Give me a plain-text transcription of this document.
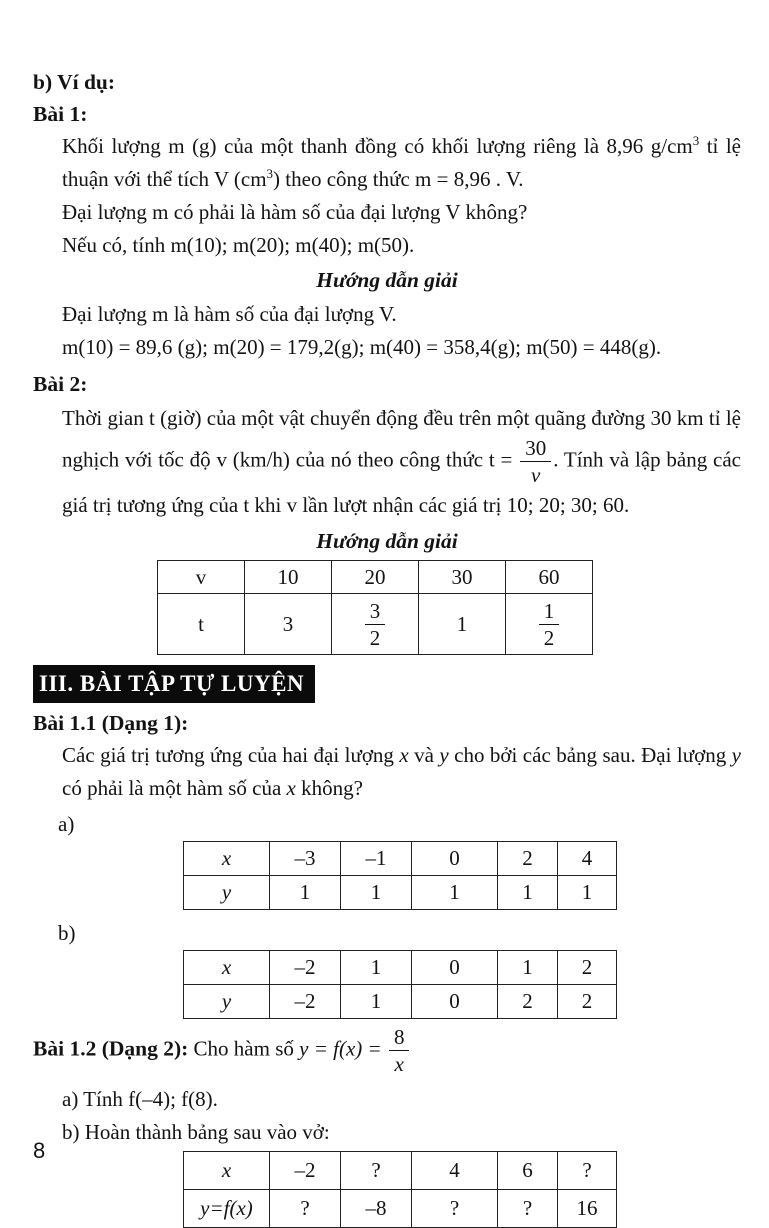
b) Ví dụ:

Bài 1:

Khối lượng m (g) của một thanh đồng có khối lượng riêng là 8,96 $g/cm^3$ tỉ lệ thuận với thể tích V $(cm^3)$ theo công thức m = 8,96 . V.

Đại lượng m có phải là hàm số của đại lượng V không?

Nếu có, tính m(10); m(20); m(40); m(50).

Hướng dẫn giải

Đại lượng m là hàm số của đại lượng V.

m(10) = 89,6 (g); m(20) = 179,2(g); m(40) = 358,4(g); m(50) = 448(g).

Bài 2:

Thời gian t (giờ) của một vật chuyển động đều trên một quãng đường 30 km tỉ lệ nghịch với tốc độ v (km/h) của nó theo công thức $t = \frac{30}{v}$ . Tính và lập bảng các giá trị tương ứng của t khi v lần lượt nhận các giá trị 10; 20; 30; 60.

Hướng dẫn giải

v	10	20	30	60
t	3	$\frac{3}{2}$	1	$\frac{1}{2}$
III. BÀI TẬP TỰ LUYỆN

Bài 1.1 (Dạng 1):

Các giá trị tương ứng của hai đại lượng x và y cho bởi các bảng sau. Đại lượng y có phải là một hàm số của x không?

a)
x	–3	–1	0	2	4
y	1	1	1	1	1
b)
x	–2	1	0	1	2
y	–2	1	0	2	2
Bài 1.2 (Dạng 2): Cho hàm số $y = f(x) = \frac{8}{x}$

a) Tính f(–4); f(8).

b) Hoàn thành bảng sau vào vở:

x	–2	?	4	6	?
y=f(x)	?	–8	?	?	16
8
